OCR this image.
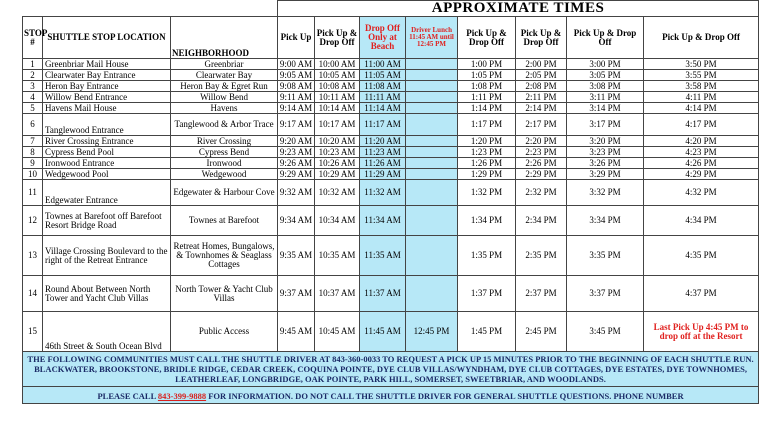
			APPROXIMATE TIMES							
STOP #	SHUTTLE STOP LOCATION	NEIGHBORHOOD	Pick Up	Pick Up & Drop Off	Drop Off Only at Beach	Driver Lunch 11:45 AM until 12:45 PM	Pick Up & Drop Off	Pick Up & Drop Off	Pick Up & Drop Off	Pick Up & Drop Off
1	Greenbriar Mail House	Greenbriar	9:00 AM	10:00 AM	11:00 AM		1:00 PM	2:00 PM	3:00 PM	3:50 PM
2	Clearwater Bay Entrance	Clearwater Bay	9:05 AM	10:05 AM	11:05 AM		1:05 PM	2:05 PM	3:05 PM	3:55 PM
3	Heron Bay Entrance	Heron Bay & Egret Run	9:08 AM	10:08 AM	11:08 AM		1:08 PM	2:08 PM	3:08 PM	3:58 PM
4	Willow Bend Entrance	Willow Bend	9:11 AM	10:11 AM	11:11 AM		1:11 PM	2:11 PM	3:11 PM	4:11 PM
5	Havens Mail House	Havens	9:14 AM	10:14 AM	11:14 AM		1:14 PM	2:14 PM	3:14 PM	4:14 PM
6	Tanglewood Entrance	Tanglewood & Arbor Trace	9:17 AM	10:17 AM	11:17 AM		1:17 PM	2:17 PM	3:17 PM	4:17 PM
7	River Crossing Entrance	River Crossing	9:20 AM	10:20 AM	11:20 AM		1:20 PM	2:20 PM	3:20 PM	4:20 PM
8	Cypress Bend Pool	Cypress Bend	9:23 AM	10:23 AM	11:23 AM		1:23 PM	2:23 PM	3:23 PM	4:23 PM
9	Ironwood Entrance	Ironwood	9:26 AM	10:26 AM	11:26 AM		1:26 PM	2:26 PM	3:26 PM	4:26 PM
10	Wedgewood Pool	Wedgewood	9:29 AM	10:29 AM	11:29 AM		1:29 PM	2:29 PM	3:29 PM	4:29 PM
11	Edgewater Entrance	Edgewater & Harbour Cove	9:32 AM	10:32 AM	11:32 AM		1:32 PM	2:32 PM	3:32 PM	4:32 PM
12	Townes at Barefoot off Barefoot Resort Bridge Road	Townes at Barefoot	9:34 AM	10:34 AM	11:34 AM		1:34 PM	2:34 PM	3:34 PM	4:34 PM
13	Village Crossing Boulevard to the right of the Retreat Entrance	Retreat Homes, Bungalows, & Townhomes & Seaglass Cottages	9:35 AM	10:35 AM	11:35 AM		1:35 PM	2:35 PM	3:35 PM	4:35 PM
14	Round About Between North Tower and Yacht Club Villas	North Tower & Yacht Club Villas	9:37 AM	10:37 AM	11:37 AM		1:37 PM	2:37 PM	3:37 PM	4:37 PM
15	46th Street & South Ocean Blvd	Public Access	9:45 AM	10:45 AM	11:45 AM	12:45 PM	1:45 PM	2:45 PM	3:45 PM	Last Pick Up 4:45 PM to drop off at the Resort
THE FOLLOWING COMMUNITIES MUST CALL THE SHUTTLE DRIVER AT 843-360-0033 TO REQUEST A PICK UP 15 MINUTES PRIOR TO THE BEGINNING OF EACH SHUTTLE RUN. BLACKWATER, BROOKSTONE, BRIDLE RIDGE, CEDAR CREEK, COQUINA POINTE, DYE CLUB VILLAS/WYNDHAM, DYE CLUB COTTAGES, DYE ESTATES, DYE TOWNHOMES, LEATHERLEAF, LONGBRIDGE, OAK POINTE, PARK HILL, SOMERSET, SWEETBRIAR, AND WOODLANDS.										
PLEASE CALL 843-399-9888 FOR INFORMATION. DO NOT CALL THE SHUTTLE DRIVER FOR GENERAL SHUTTLE QUESTIONS. PHONE NUMBER										
